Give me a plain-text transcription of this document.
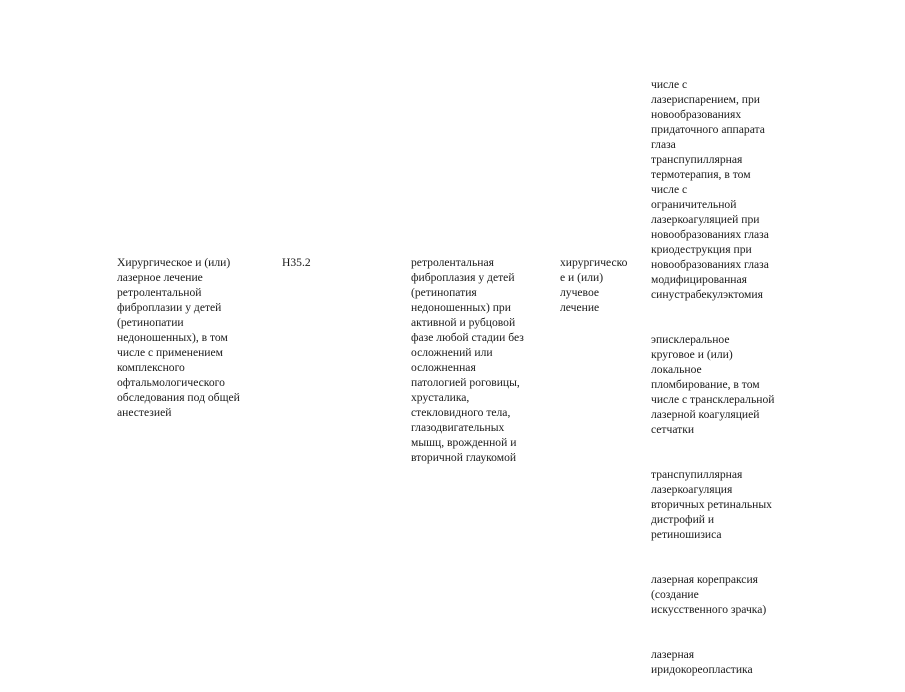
Хирургическое и (или)
лазерное лечение
ретролентальной
фиброплазии у детей
(ретинопатии
недоношенных), в том
числе с применением
комплексного
офтальмологического
обследования под общей
анестезией
H35.2	ретролентальная
фиброплазия у детей
(ретинопатия
недоношенных) при
активной и рубцовой
фазе любой стадии без
осложнений или
осложненная
патологией роговицы,
хрусталика,
стекловидного тела,
глазодвигательных
мышц, врожденной и
вторичной глаукомой
хирургическо
е и (или)
лучевое
лечение

числе с
лазериспарением, при
новообразованиях
придаточного аппарата
глаза
транспупиллярная
термотерапия, в том
числе с
ограничительной
лазеркоагуляцией при
новообразованиях глаза
криодеструкция при
новообразованиях глаза
модифицированная
синустрабекулэктомия

эписклеральное
круговое и (или)
локальное
пломбирование, в том
числе с трансклеральной
лазерной коагуляцией
сетчатки

транспупиллярная
лазеркоагуляция
вторичных ретинальных
дистрофий и
ретиношизиса

лазерная корепраксия
(создание
искусственного зрачка)

лазерная
иридокореопластика
